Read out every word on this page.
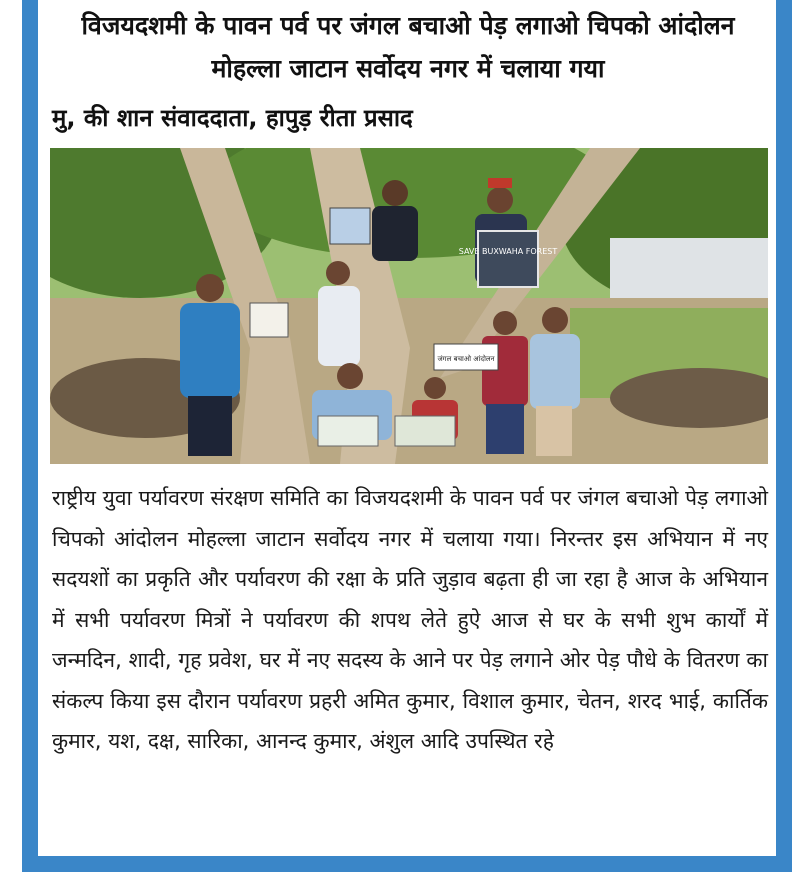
विजयदशमी के पावन पर्व पर जंगल बचाओ पेड़ लगाओ चिपको आंदोलन मोहल्ला जाटान सर्वोदय नगर में चलाया गया
मु, की शान संवाददाता, हापुड़ रीता प्रसाद
SAVE BUXWAHA FOREST
जंगल बचाओ आंदोलन

राष्ट्रीय युवा पर्यावरण संरक्षण समिति का विजयदशमी के पावन पर्व पर जंगल बचाओ पेड़ लगाओ चिपको आंदोलन मोहल्ला जाटान सर्वोदय नगर में चलाया गया। निरन्तर इस अभियान में नए सदयशों का प्रकृति और पर्यावरण की रक्षा के प्रति जुड़ाव बढ़ता ही जा रहा है आज के अभियान में सभी पर्यावरण मित्रों ने पर्यावरण की शपथ लेते हुऐ आज से घर के सभी शुभ कार्यों में जन्मदिन, शादी, गृह प्रवेश, घर में नए सदस्य के आने पर पेड़ लगाने ओर पेड़ पौधे के वितरण का संकल्प किया इस दौरान पर्यावरण प्रहरी अमित कुमार, विशाल कुमार, चेतन, शरद भाई, कार्तिक कुमार, यश, दक्ष, सारिका, आनन्द कुमार, अंशुल आदि उपस्थित रहे
